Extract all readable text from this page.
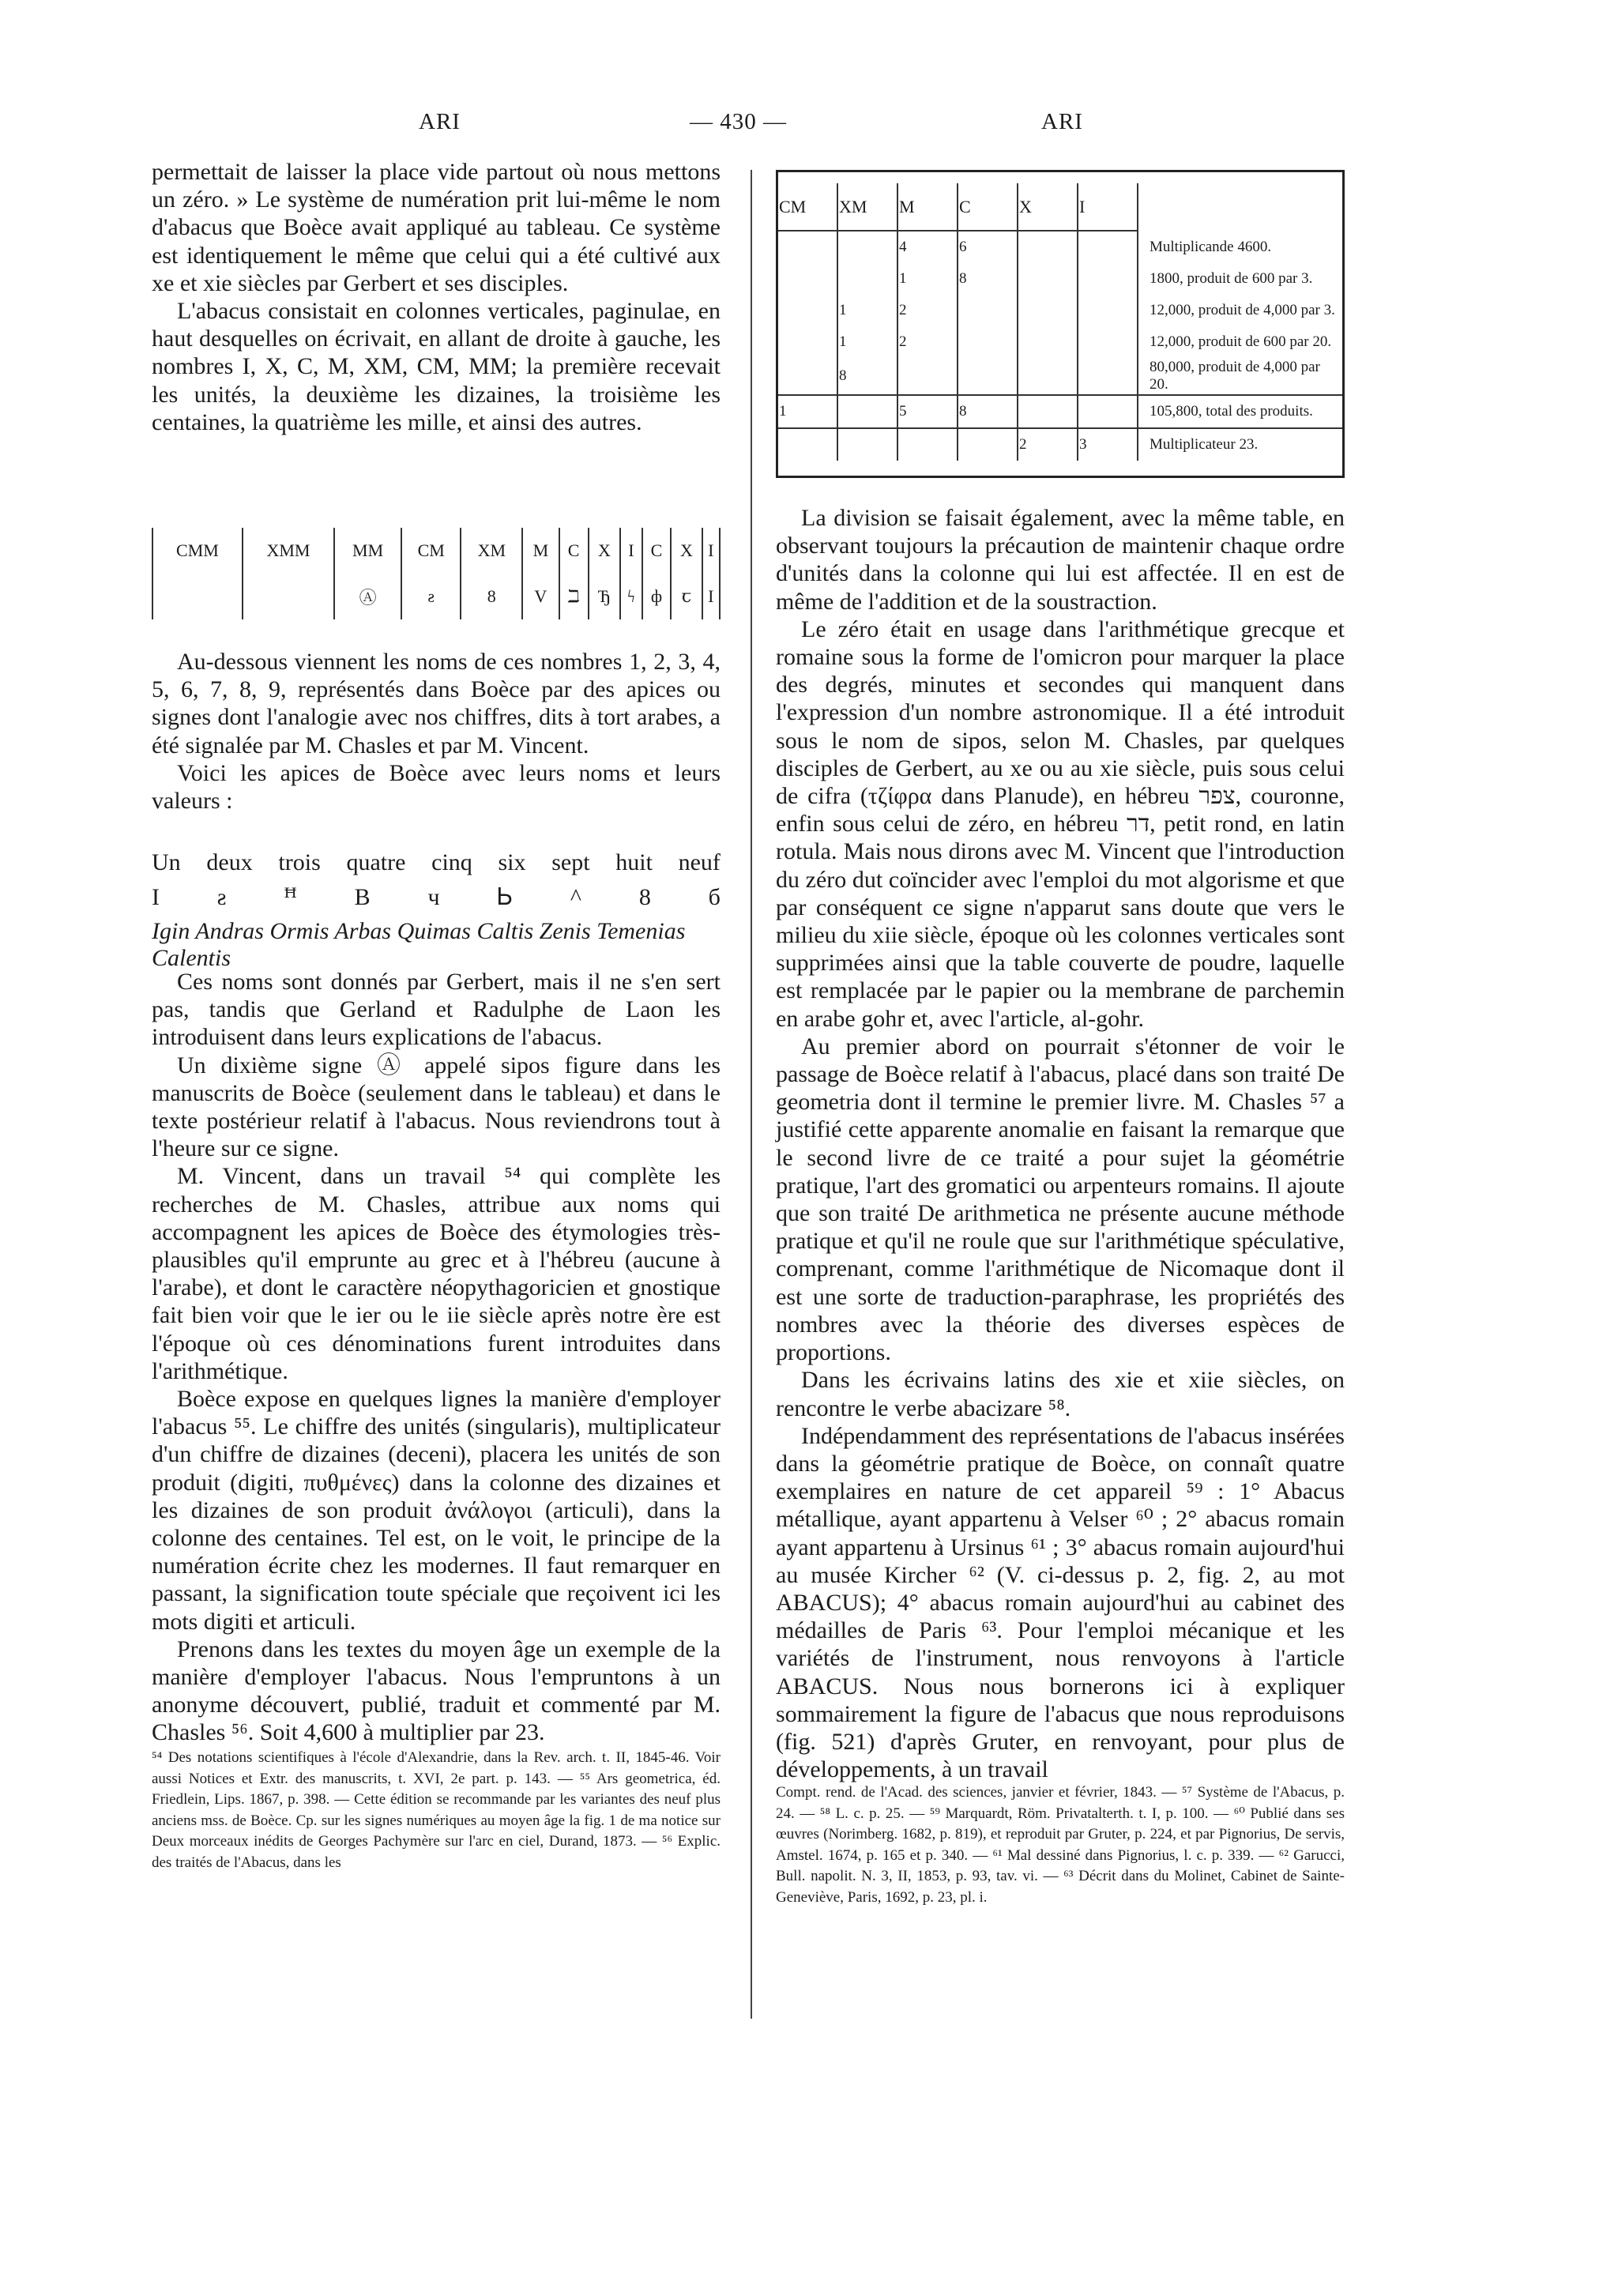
ARI	— 430 —	ARI

permettait de laisser la place vide partout où nous mettons un zéro. » Le système de numération prit lui-même le nom d'abacus que Boèce avait appliqué au tableau. Ce système est identiquement le même que celui qui a été cultivé aux xe et xie siècles par Gerbert et ses disciples.

L'abacus consistait en colonnes verticales, paginulae, en haut desquelles on écrivait, en allant de droite à gauche, les nombres I, X, C, M, XM, CM, MM; la première recevait les unités, la deuxième les dizaines, la troisième les centaines, la quatrième les mille, et ainsi des autres.

CMM	XMM	MM	CM	XM	M	C	X	I	C	X	I
		Ⓐ	ƨ	8	V	ℶ	Ђ	ϟ	ф	ꞇ	I

Au-dessous viennent les noms de ces nombres 1, 2, 3, 4, 5, 6, 7, 8, 9, représentés dans Boèce par des apices ou signes dont l'analogie avec nos chiffres, dits à tort arabes, a été signalée par M. Chasles et par M. Vincent.

Voici les apices de Boèce avec leurs noms et leurs valeurs :

Un deux trois quatre cinq six sept huit neuf
I ƨ ꟸ B ч Ꮟ ^ 8 б
Igin Andras Ormis Arbas Quimas Caltis Zenis Temenias Calentis

Ces noms sont donnés par Gerbert, mais il ne s'en sert pas, tandis que Gerland et Radulphe de Laon les introduisent dans leurs explications de l'abacus.

Un dixième signe Ⓐ appelé sipos figure dans les manuscrits de Boèce (seulement dans le tableau) et dans le texte postérieur relatif à l'abacus. Nous reviendrons tout à l'heure sur ce signe.

M. Vincent, dans un travail ⁵⁴ qui complète les recherches de M. Chasles, attribue aux noms qui accompagnent les apices de Boèce des étymologies très-plausibles qu'il emprunte au grec et à l'hébreu (aucune à l'arabe), et dont le caractère néopythagoricien et gnostique fait bien voir que le ier ou le iie siècle après notre ère est l'époque où ces dénominations furent introduites dans l'arithmétique.

Boèce expose en quelques lignes la manière d'employer l'abacus ⁵⁵. Le chiffre des unités (singularis), multiplicateur d'un chiffre de dizaines (deceni), placera les unités de son produit (digiti, πυθμένες) dans la colonne des dizaines et les dizaines de son produit ἀνάλογοι (articuli), dans la colonne des centaines. Tel est, on le voit, le principe de la numération écrite chez les modernes. Il faut remarquer en passant, la signification toute spéciale que reçoivent ici les mots digiti et articuli.

Prenons dans les textes du moyen âge un exemple de la manière d'employer l'abacus. Nous l'empruntons à un anonyme découvert, publié, traduit et commenté par M. Chasles ⁵⁶. Soit 4,600 à multiplier par 23.

⁵⁴ Des notations scientifiques à l'école d'Alexandrie, dans la Rev. arch. t. II, 1845-46. Voir aussi Notices et Extr. des manuscrits, t. XVI, 2e part. p. 143. — ⁵⁵ Ars geometrica, éd. Friedlein, Lips. 1867, p. 398. — Cette édition se recommande par les variantes des neuf plus anciens mss. de Boèce. Cp. sur les signes numériques au moyen âge la fig. 1 de ma notice sur Deux morceaux inédits de Georges Pachymère sur l'arc en ciel, Durand, 1873. — ⁵⁶ Explic. des traités de l'Abacus, dans les

CM	XM	M	C	X	I	
		4	6			Multiplicande 4600.
		1	8			1800, produit de 600 par 3.
	1	2				12,000, produit de 4,000 par 3.
	1	2				12,000, produit de 600 par 20.
	8					80,000, produit de 4,000 par 20.
1		5	8			105,800, total des produits.
				2	3	Multiplicateur 23.

La division se faisait également, avec la même table, en observant toujours la précaution de maintenir chaque ordre d'unités dans la colonne qui lui est affectée. Il en est de même de l'addition et de la soustraction.

Le zéro était en usage dans l'arithmétique grecque et romaine sous la forme de l'omicron pour marquer la place des degrés, minutes et secondes qui manquent dans l'expression d'un nombre astronomique. Il a été introduit sous le nom de sipos, selon M. Chasles, par quelques disciples de Gerbert, au xe ou au xie siècle, puis sous celui de cifra (τζίφρα dans Planude), en hébreu צפר, couronne, enfin sous celui de zéro, en hébreu דר, petit rond, en latin rotula. Mais nous dirons avec M. Vincent que l'introduction du zéro dut coïncider avec l'emploi du mot algorisme et que par conséquent ce signe n'apparut sans doute que vers le milieu du xiie siècle, époque où les colonnes verticales sont supprimées ainsi que la table couverte de poudre, laquelle est remplacée par le papier ou la membrane de parchemin en arabe gohr et, avec l'article, al-gohr.

Au premier abord on pourrait s'étonner de voir le passage de Boèce relatif à l'abacus, placé dans son traité De geometria dont il termine le premier livre. M. Chasles ⁵⁷ a justifié cette apparente anomalie en faisant la remarque que le second livre de ce traité a pour sujet la géométrie pratique, l'art des gromatici ou arpenteurs romains. Il ajoute que son traité De arithmetica ne présente aucune méthode pratique et qu'il ne roule que sur l'arithmétique spéculative, comprenant, comme l'arithmétique de Nicomaque dont il est une sorte de traduction-paraphrase, les propriétés des nombres avec la théorie des diverses espèces de proportions.

Dans les écrivains latins des xie et xiie siècles, on rencontre le verbe abacizare ⁵⁸.

Indépendamment des représentations de l'abacus insérées dans la géométrie pratique de Boèce, on connaît quatre exemplaires en nature de cet appareil ⁵⁹ : 1° Abacus métallique, ayant appartenu à Velser ⁶⁰ ; 2° abacus romain ayant appartenu à Ursinus ⁶¹ ; 3° abacus romain aujourd'hui au musée Kircher ⁶² (V. ci-dessus p. 2, fig. 2, au mot ABACUS); 4° abacus romain aujourd'hui au cabinet des médailles de Paris ⁶³. Pour l'emploi mécanique et les variétés de l'instrument, nous renvoyons à l'article ABACUS. Nous nous bornerons ici à expliquer sommairement la figure de l'abacus que nous reproduisons (fig. 521) d'après Gruter, en renvoyant, pour plus de développements, à un travail

Compt. rend. de l'Acad. des sciences, janvier et février, 1843. — ⁵⁷ Système de l'Abacus, p. 24. — ⁵⁸ L. c. p. 25. — ⁵⁹ Marquardt, Röm. Privatalterth. t. I, p. 100. — ⁶⁰ Publié dans ses œuvres (Norimberg. 1682, p. 819), et reproduit par Gruter, p. 224, et par Pignorius, De servis, Amstel. 1674, p. 165 et p. 340. — ⁶¹ Mal dessiné dans Pignorius, l. c. p. 339. — ⁶² Garucci, Bull. napolit. N. 3, II, 1853, p. 93, tav. vi. — ⁶³ Décrit dans du Molinet, Cabinet de Sainte-Geneviève, Paris, 1692, p. 23, pl. i.
